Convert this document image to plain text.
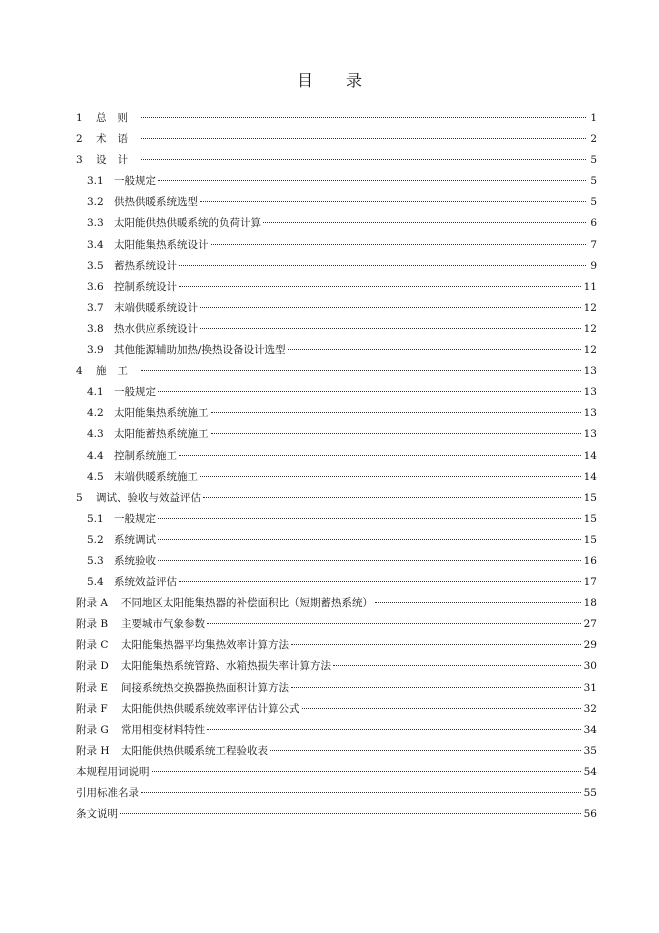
目 录
1	总则	1
2	术语	2
3	设计	5
3.1 一般规定	5
3.2 供热供暖系统选型	5
3.3 太阳能供热供暖系统的负荷计算	6
3.4 太阳能集热系统设计	7
3.5 蓄热系统设计	9
3.6 控制系统设计	11
3.7 末端供暖系统设计	12
3.8 热水供应系统设计	12
3.9 其他能源辅助加热/换热设备设计选型	12
4	施工	13
4.1 一般规定	13
4.2 太阳能集热系统施工	13
4.3 太阳能蓄热系统施工	13
4.4 控制系统施工	14
4.5 末端供暖系统施工	14
5	调试、验收与效益评估	15
5.1 一般规定	15
5.2 系统调试	15
5.3 系统验收	16
5.4 系统效益评估	17
附录 A	不同地区太阳能集热器的补偿面积比（短期蓄热系统）	18
附录 B	主要城市气象参数	27
附录 C	太阳能集热器平均集热效率计算方法	29
附录 D	太阳能集热系统管路、水箱热损失率计算方法	30
附录 E	间接系统热交换器换热面积计算方法	31
附录 F	太阳能供热供暖系统效率评估计算公式	32
附录 G	常用相变材料特性	34
附录 H	太阳能供热供暖系统工程验收表	35
本规程用词说明	54
引用标准名录	55
条文说明	56
